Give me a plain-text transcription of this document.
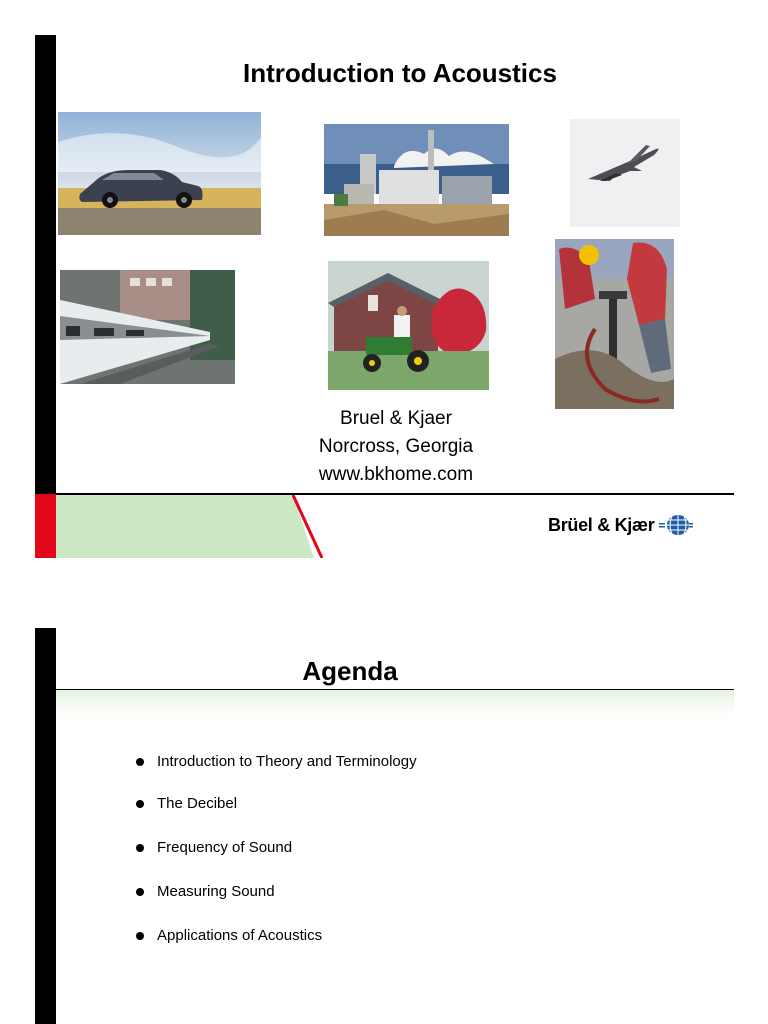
Introduction to Acoustics
Bruel & Kjaer
Norcross, Georgia
www.bkhome.com
Brüel & Kjær
Agenda
Introduction to Theory and Terminology
The Decibel
Frequency of Sound
Measuring Sound
Applications of Acoustics
